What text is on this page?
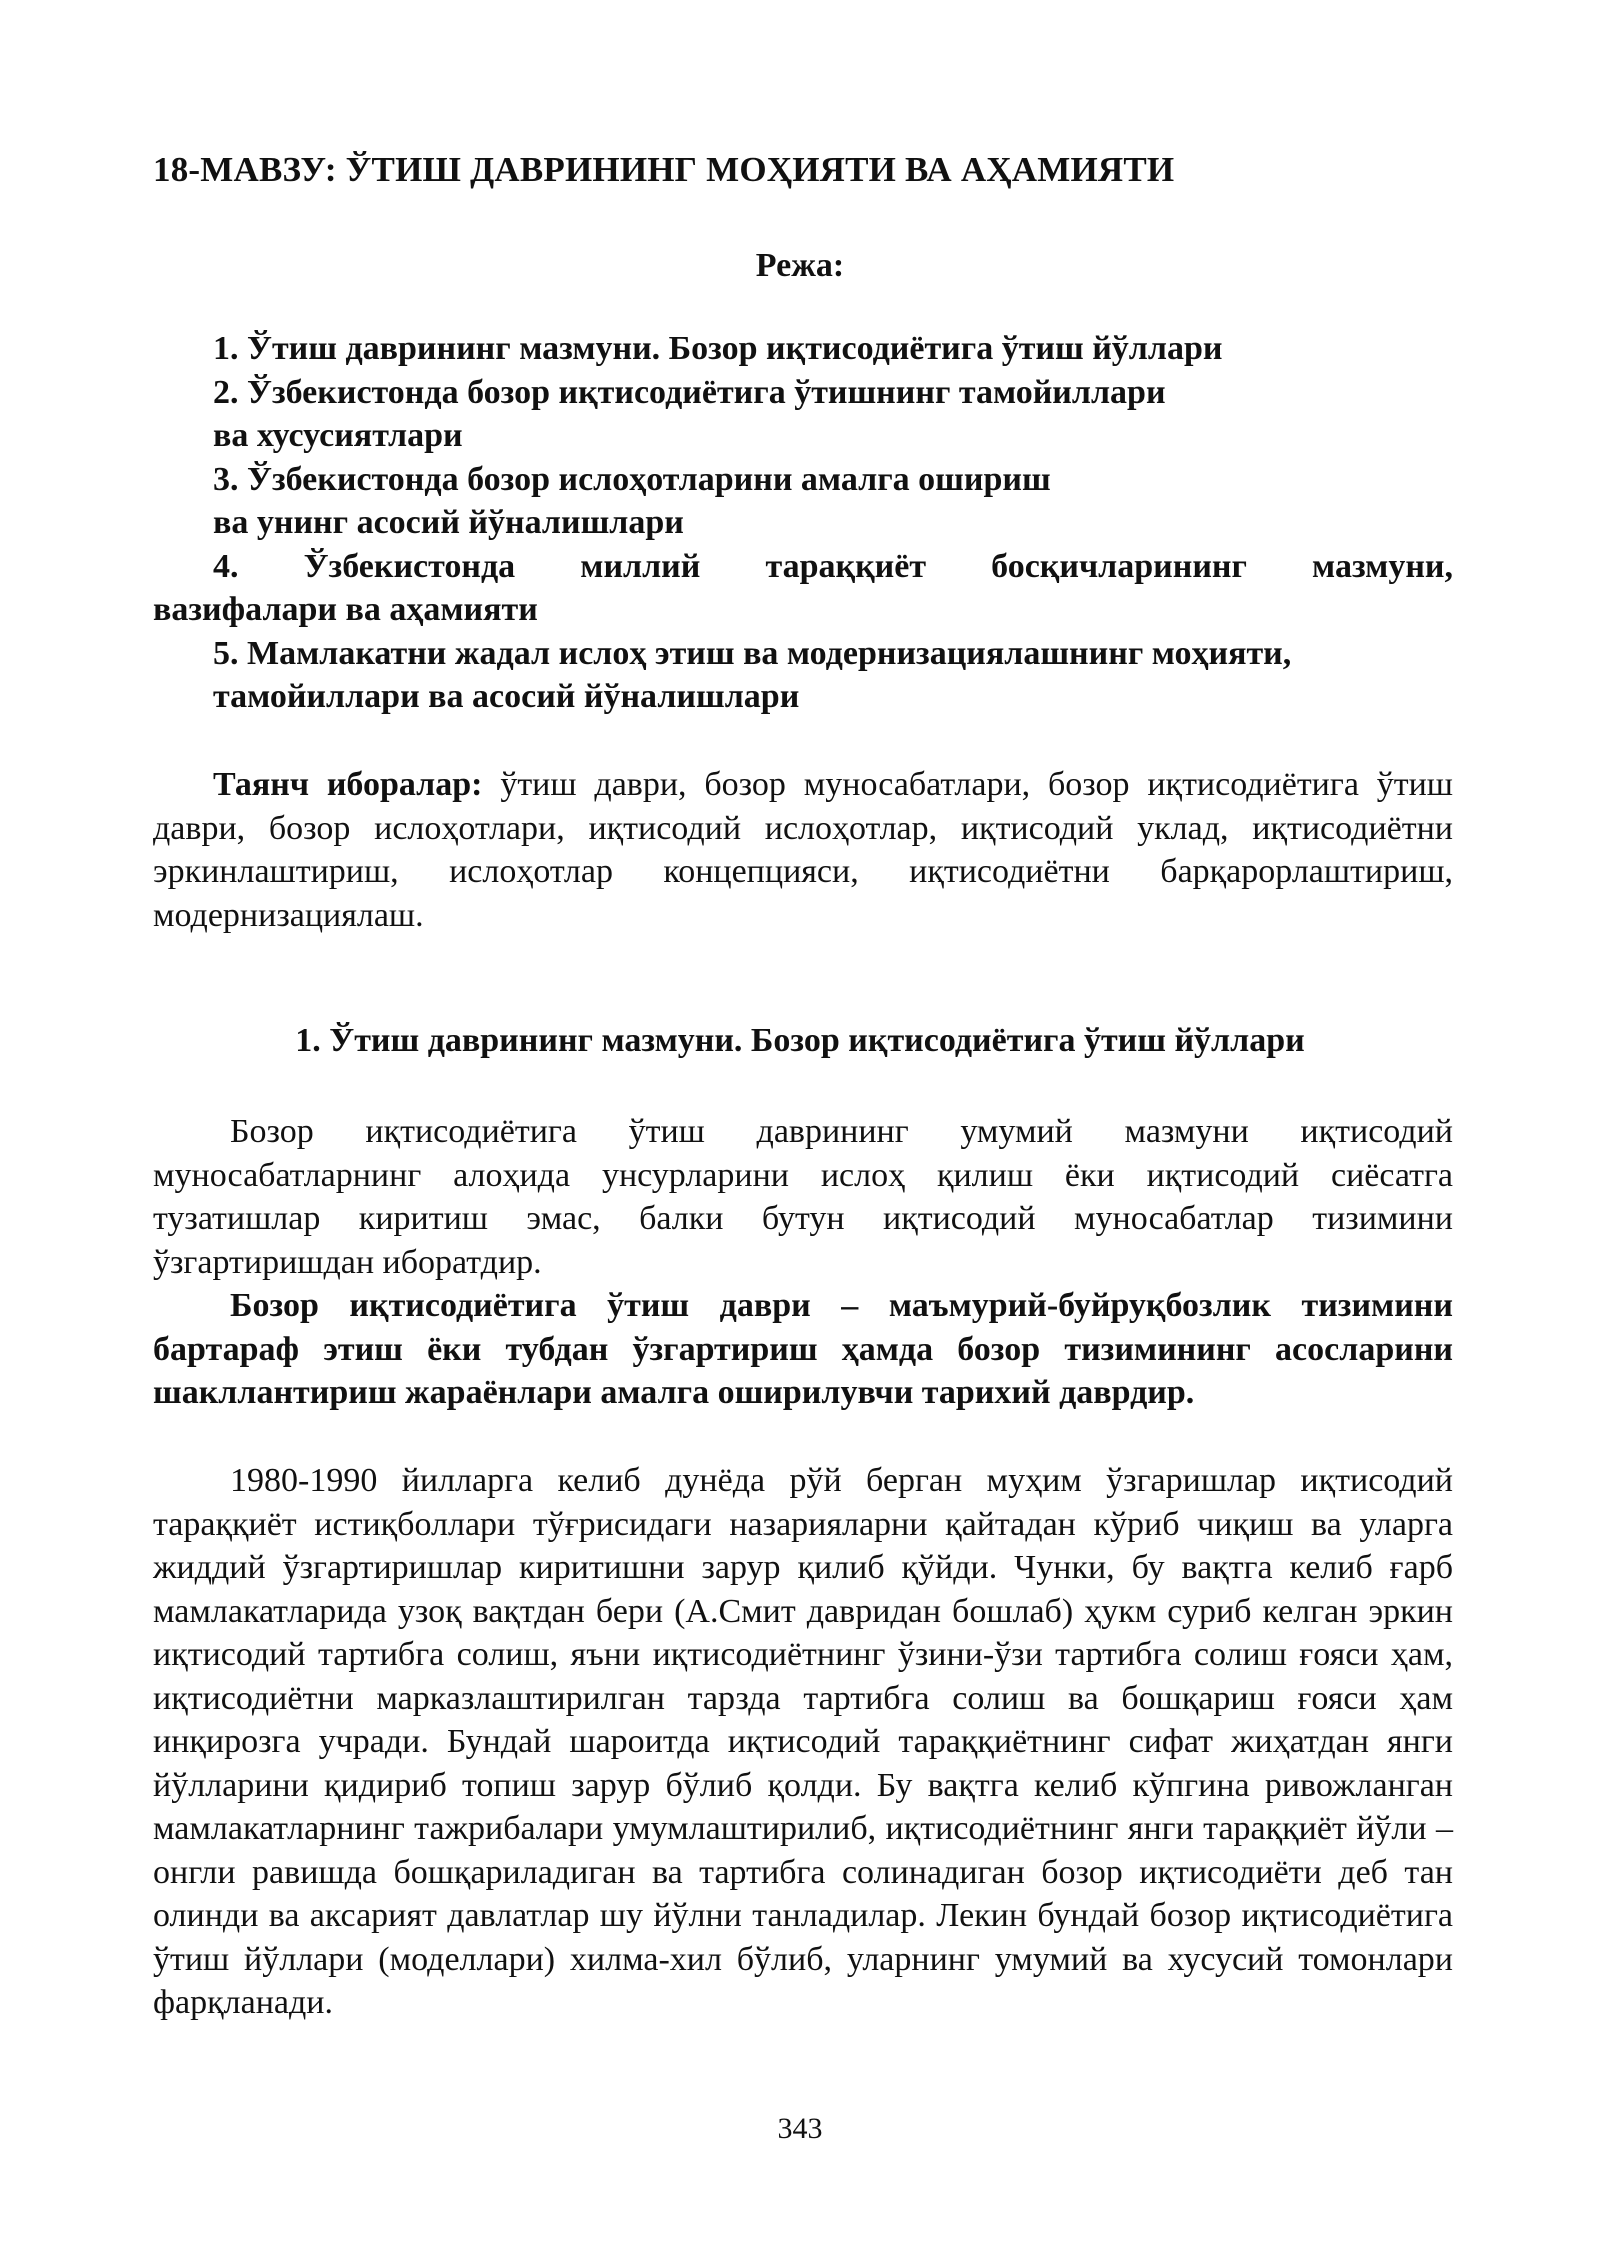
18-МАВЗУ: ЎТИШ ДАВРИНИНГ МОҲИЯТИ ВА АҲАМИЯТИ

Режа:

1. Ўтиш даврининг мазмуни. Бозор иқтисодиётига ўтиш йўллари
2. Ўзбекистонда бозор иқтисодиётига ўтишнинг тамойиллари
ва хусусиятлари
3. Ўзбекистонда бозор ислоҳотларини амалга ошириш
ва унинг асосий йўналишлари
4. Ўзбекистонда миллий тараққиёт босқичларининг мазмуни,
вазифалари ва аҳамияти
5. Мамлакатни жадал ислоҳ этиш ва модернизациялашнинг моҳияти,
тамойиллари ва асосий йўналишлари

Таянч иборалар: ўтиш даври, бозор муносабатлари, бозор иқтисодиётига ўтиш даври, бозор ислоҳотлари, иқтисодий ислоҳотлар, иқтисодий уклад, иқтисодиётни эркинлаштириш, ислоҳотлар концепцияси, иқтисодиётни барқарорлаштириш, модернизациялаш.

1. Ўтиш даврининг мазмуни. Бозор иқтисодиётига ўтиш йўллари

Бозор иқтисодиётига ўтиш даврининг умумий мазмуни иқтисодий муносабатларнинг алоҳида унсурларини ислоҳ қилиш ёки иқтисодий сиёсатга тузатишлар киритиш эмас, балки бутун иқтисодий муносабатлар тизимини ўзгартиришдан иборатдир.

Бозор иқтисодиётига ўтиш даври – маъмурий-буйруқбозлик тизимини бартараф этиш ёки тубдан ўзгартириш ҳамда бозор тизимининг асосларини шакллантириш жараёнлари амалга оширилувчи тарихий даврдир.

1980-1990 йилларга келиб дунёда рўй берган муҳим ўзгаришлар иқтисодий тараққиёт истиқболлари тўғрисидаги назарияларни қайтадан кўриб чиқиш ва уларга жиддий ўзгартиришлар киритишни зарур қилиб қўйди. Чунки, бу вақтга келиб ғарб мамлакатларида узоқ вақтдан бери (А.Смит давридан бошлаб) ҳукм суриб келган эркин иқтисодий тартибга солиш, яъни иқтисодиётнинг ўзини-ўзи тартибга солиш ғояси ҳам, иқтисодиётни марказлаштирилган тарзда тартибга солиш ва бошқариш ғояси ҳам инқирозга учради. Бундай шароитда иқтисодий тараққиётнинг сифат жиҳатдан янги йўлларини қидириб топиш зарур бўлиб қолди. Бу вақтга келиб кўпгина ривожланган мамлакатларнинг тажрибалари умумлаштирилиб, иқтисодиётнинг янги тараққиёт йўли – онгли равишда бошқариладиган ва тартибга солинадиган бозор иқтисодиёти деб тан олинди ва аксарият давлатлар шу йўлни танладилар. Лекин бундай бозор иқтисодиётига ўтиш йўллари (моделлари) хилма-хил бўлиб, уларнинг умумий ва хусусий томонлари фарқланади.

343
